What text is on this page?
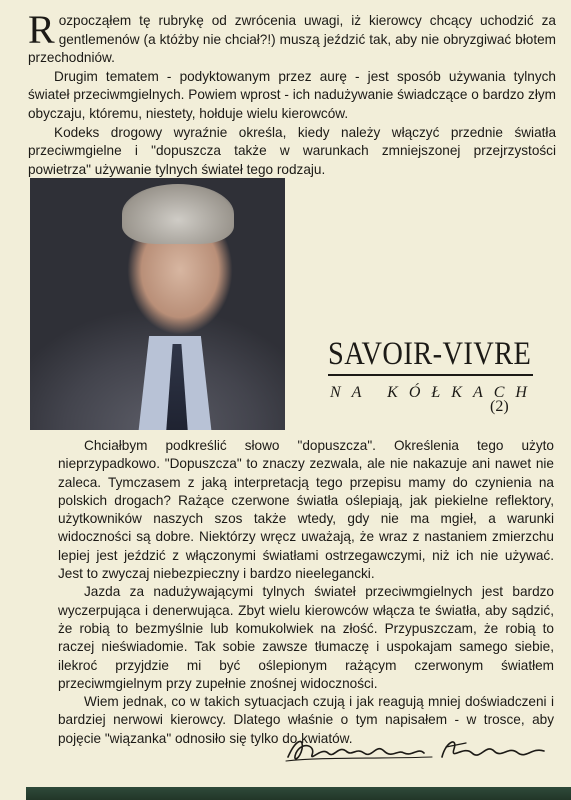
Rozpocząłem tę rubrykę od zwrócenia uwagi, iż kierowcy chcący uchodzić za gentlemenów (a któżby nie chciał?!) muszą jeździć tak, aby nie obryzgiwać błotem przechodniów.

Drugim tematem - podyktowanym przez aurę - jest sposób używania tylnych świateł przeciwmgielnych. Powiem wprost - ich nadużywanie świadczące o bardzo złym obyczaju, któremu, niestety, hołduje wielu kierowców.

Kodeks drogowy wyraźnie określa, kiedy należy włączyć przednie światła przeciwmgielne i "dopuszcza także w warunkach zmniejszonej przejrzystości powietrza" używanie tylnych świateł tego rodzaju.

SAVOIR-VIVRE
NA KÓŁKACH
(2)

Chciałbym podkreślić słowo "dopuszcza". Określenia tego użyto nieprzypadkowo. "Dopuszcza" to znaczy zezwala, ale nie nakazuje ani nawet nie zaleca. Tymczasem z jaką interpretacją tego przepisu mamy do czynienia na polskich drogach? Rażące czerwone światła oślepiają, jak piekielne reflektory, użytkowników naszych szos także wtedy, gdy nie ma mgieł, a warunki widoczności są dobre. Niektórzy wręcz uważają, że wraz z nastaniem zmierzchu lepiej jest jeździć z włączonymi światłami ostrzegawczymi, niż ich nie używać. Jest to zwyczaj niebezpieczny i bardzo nieelegancki.

Jazda za nadużywającymi tylnych świateł przeciwmgielnych jest bardzo wyczerpująca i denerwująca. Zbyt wielu kierowców włącza te światła, aby sądzić, że robią to bezmyślnie lub komukolwiek na złość. Przypuszczam, że robią to raczej nieświadomie. Tak sobie zawsze tłumaczę i uspokajam samego siebie, ilekroć przyjdzie mi być oślepionym rażącym czerwonym światłem przeciwmgielnym przy zupełnie znośnej widoczności.

Wiem jednak, co w takich sytuacjach czują i jak reagują mniej doświadczeni i bardziej nerwowi kierowcy. Dlatego właśnie o tym napisałem - w trosce, aby pojęcie "wiązanka" odnosiło się tylko do kwiatów.
